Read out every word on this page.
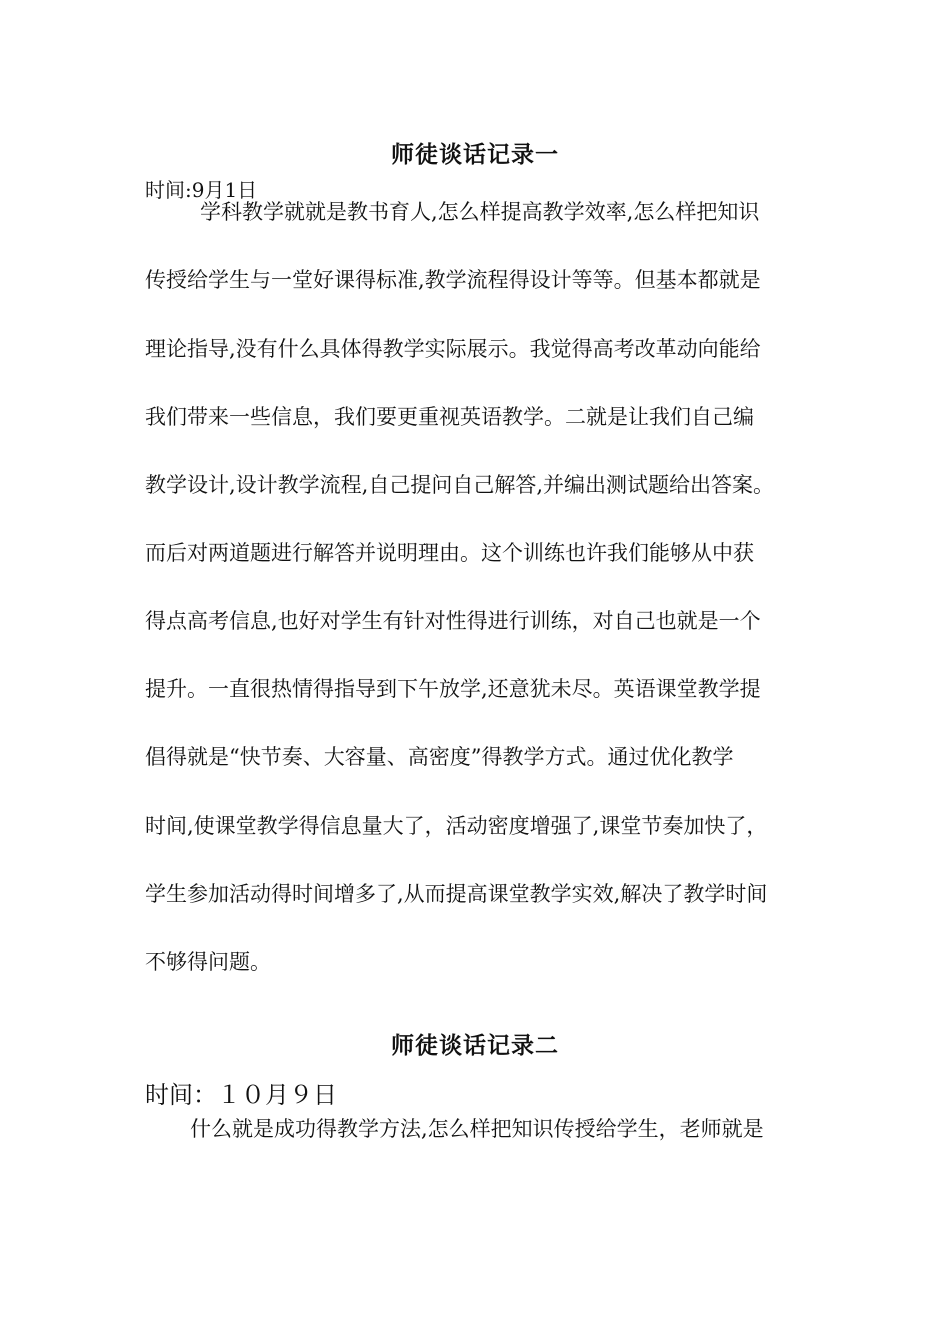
师徒谈话记录一
时间:9月1日
学科教学就就是教书育人,怎么样提高教学效率,怎么样把知识
传授给学生与一堂好课得标准,教学流程得设计等等。但基本都就是
理论指导,没有什么具体得教学实际展示。我觉得高考改革动向能给
我们带来一些信息，我们要更重视英语教学。二就是让我们自己编
教学设计,设计教学流程,自己提问自己解答,并编出测试题给出答案。
而后对两道题进行解答并说明理由。这个训练也许我们能够从中获
得点高考信息,也好对学生有针对性得进行训练，对自己也就是一个
提升。一直很热情得指导到下午放学,还意犹未尽。英语课堂教学提
倡得就是“快节奏、大容量、高密度”得教学方式。通过优化教学
时间,使课堂教学得信息量大了，活动密度增强了,课堂节奏加快了，
学生参加活动得时间增多了,从而提高课堂教学实效,解决了教学时间
不够得问题。
师徒谈话记录二
时间：１０月９日
什么就是成功得教学方法,怎么样把知识传授给学生，老师就是
